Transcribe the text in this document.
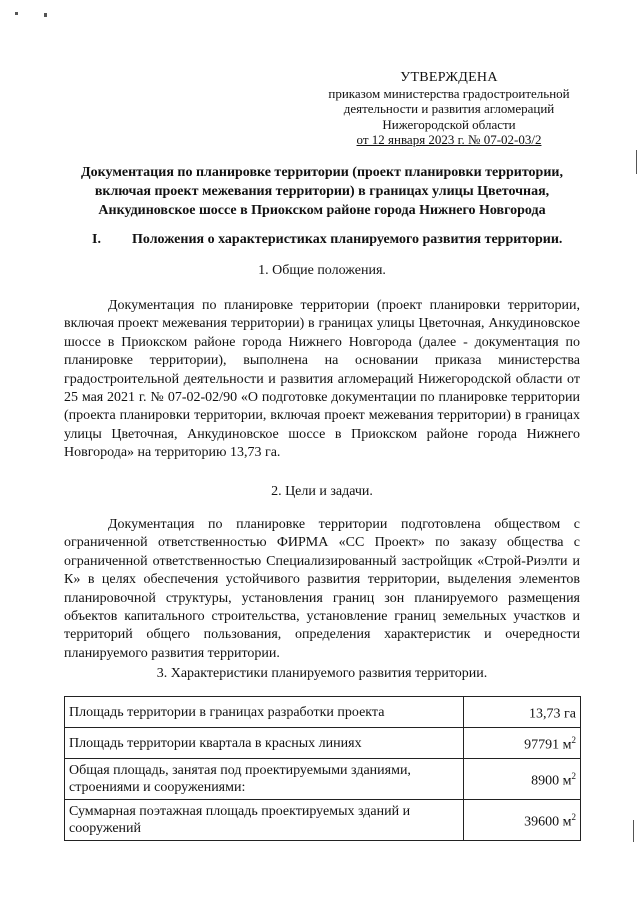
УТВЕРЖДЕНА
приказом министерства градостроительной
деятельности и развития агломераций
Нижегородской области
от 12 января 2023 г. № 07-02-03/2
Документация по планировке территории (проект планировки территории, включая проект межевания территории) в границах улицы Цветочная, Анкудиновское шоссе в Приокском районе города Нижнего Новгорода
I. Положения о характеристиках планируемого развития территории.
1. Общие положения.
Документация по планировке территории (проект планировки территории, включая проект межевания территории) в границах улицы Цветочная, Анкудиновское шоссе в Приокском районе города Нижнего Новгорода (далее - документация по планировке территории), выполнена на основании приказа министерства градостроительной деятельности и развития агломераций Нижегородской области от 25 мая 2021 г. № 07-02-02/90 «О подготовке документации по планировке территории (проекта планировки территории, включая проект межевания территории) в границах улицы Цветочная, Анкудиновское шоссе в Приокском районе города Нижнего Новгорода» на территорию 13,73 га.
2. Цели и задачи.
Документация по планировке территории подготовлена обществом с ограниченной ответственностью ФИРМА «СС Проект» по заказу общества с ограниченной ответственностью Специализированный застройщик «Строй-Риэлти и К» в целях обеспечения устойчивого развития территории, выделения элементов планировочной структуры, установления границ зон планируемого размещения объектов капитального строительства, установление границ земельных участков и территорий общего пользования, определения характеристик и очередности планируемого развития территории.
3. Характеристики планируемого развития территории.
Площадь территории в границах разработки проекта	13,73 га
Площадь территории квартала в красных линиях	97791 $м^2$
Общая площадь, занятая под проектируемыми зданиями, строениями и сооружениями:	8900 $м^2$
Суммарная поэтажная площадь проектируемых зданий и сооружений	39600 $м^2$
